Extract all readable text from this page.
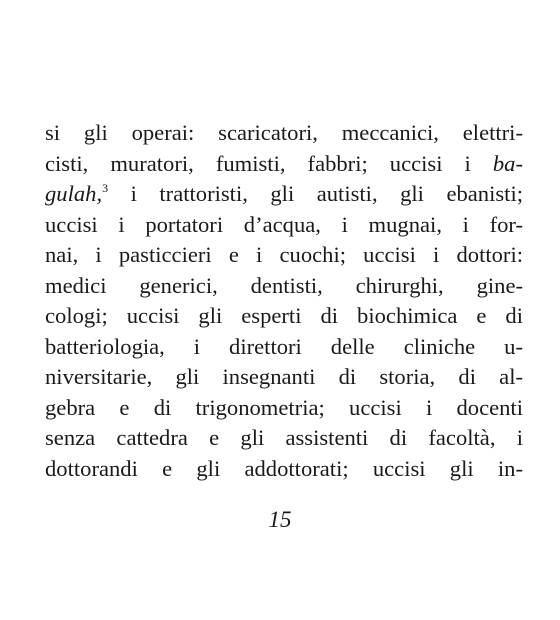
si gli operai: scaricatori, meccanici, elettri-
cisti, muratori, fumisti, fabbri; uccisi i ba-
gulah,$^3$ i trattoristi, gli autisti, gli ebanisti;
uccisi i portatori d’acqua, i mugnai, i for-
nai, i pasticcieri e i cuochi; uccisi i dottori:
medici generici, dentisti, chirurghi, gine-
cologi; uccisi gli esperti di biochimica e di
batteriologia, i direttori delle cliniche u-
niversitarie, gli insegnanti di storia, di al-
gebra e di trigonometria; uccisi i docenti
senza cattedra e gli assistenti di facoltà, i
dottorandi e gli addottorati; uccisi gli in-
15
